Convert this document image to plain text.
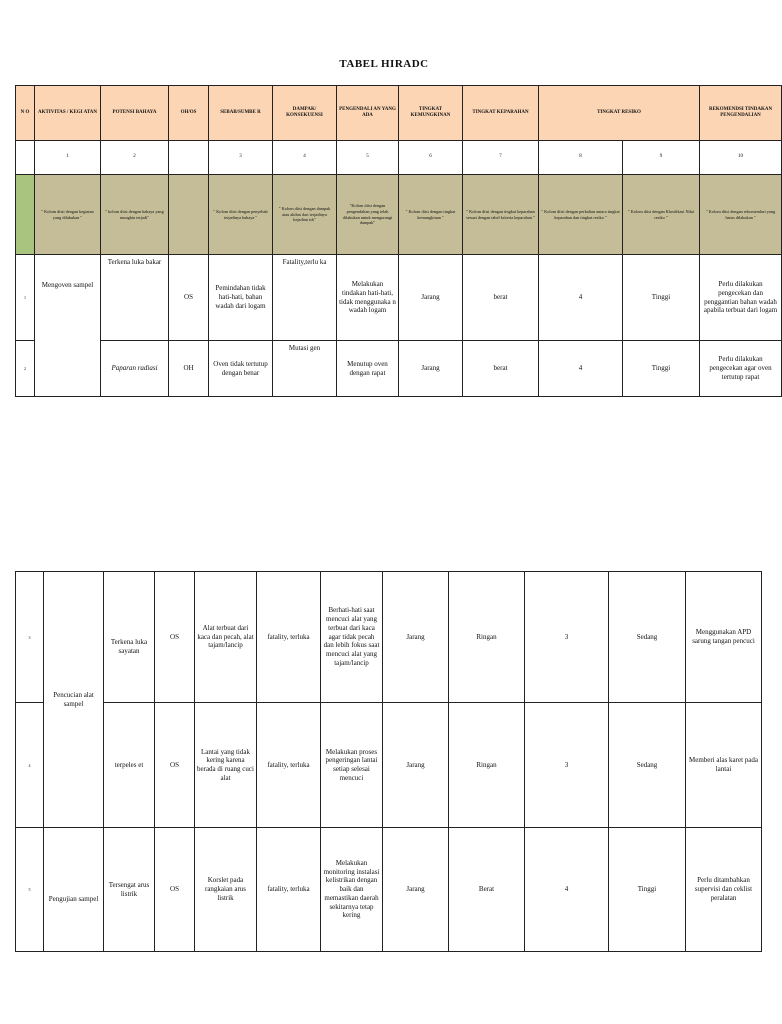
TABEL HIRADC
N O	AKTIVITAS / KEGI ATAN	POTENSI BAHAYA	OH/OS	SEBAB/SUMBE R	DAMPAK/ KONSEKUENSI	PENGENDALI AN YANG ADA	TINGKAT KEMUNGKINAN	TINGKAT KEPARAHAN	TINGKAT RESIKO		REKOMENDSI TINDAKAN PENGENDALIAN
	1	2		3	4	5	6	7	8	9	10
	" Kolom diisi dengan kegiatan yang dilakukan "	" kolom diisi dengan bahaya yang mungkin terjadi"		" Kolom diisi dengan penyebab terjadinya bahaya "	" Kolom diisi dengan dampak atau akibat dari terjadinya kejadian tsb"	"Kolom diisi dengan pengendalian yang telah dilakukan untuk mengurangi dampak"	" Kolom diisi dengan tingkat kemungkinan "	" Kolom diisi dengan tingkat keparahan sesuai dengan tabel kriteria keparahan "	" Kolom diisi dengan perkalian antara tingkat keparahan dan tingkat resiko "	" Kolom diisi dengan Klasifikasi Nilai resiko "	" Kolom diisi dengan rekomendasi yang harus dilakukan "
1	Mengoven sampel	Terkena luka bakar	OS	Pemindahan tidak hati-hati, bahan wadah dari logam	Fatality,terlu ka	Melakukan tindakan hati-hati, tidak menggunaka n wadah logam	Jarang	berat	4	Tinggi	Perlu dilakukan pengecekan dan penggantian bahan wadah apabila terbuat dari logam
2		Paparan radiasi	OH	Oven tidak tertutup dengan benar	Mutasi gen	Menutup oven dengan rapat	Jarang	berat	4	Tinggi	Perlu dilakukan pengecekan agar oven tertutup rapat
3	Pencucian alat sampel	Terkena luka sayatan	OS	Alat terbuat dari kaca dan pecah, alat tajam/lancip	fatality, terluka	Berhati-hati saat mencuci alat yang terbuat dari kaca agar tidak pecah dan lebih fokus saat mencuci alat yang tajam/lancip	Jarang	Ringan	3	Sedang	Menggunakan APD sarung tangan pencuci
4		terpeles et	OS	Lantai yang tidak kering karena berada di ruang cuci alat	fatality, terluka	Melakukan proses pengeringan lantai setiap selesai mencuci	Jarang	Ringan	3	Sedang	Memberi alas karet pada lantai
5	Pengujian sampel	Tersengat arus listrik	OS	Korslet pada rangkaian arus listrik	fatality, terluka	Melakukan monitoring instalasi kelistrikan dengan baik dan memastikan daerah sekitarnya tetap kering	Jarang	Berat	4	Tinggi	Perlu ditambahkan supervisi dan ceklist peralatan
